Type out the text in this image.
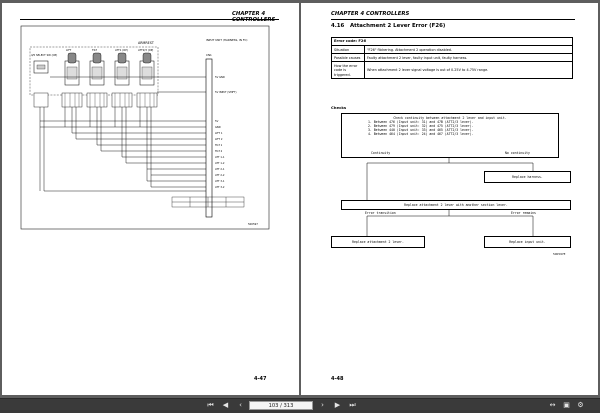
CHAPTER 4 CONTROLLERS
ARMREST
4/5 SELECT SW (OP)
LIFT	TILT	ATT1 (OP)	ATT2/3 (OP)
INPUT UNIT (HARNESS, IN FC)
CN1
5V GND
5V INPUT (SHIFT)
5V
GND
LIFT 1
LIFT 2
TILT 1
TILT 2
ATT 1-1
ATT 1-2
ATT 2-1
ATT 2-2
ATT 3-1
ATT 3-2
500597
4-47
CHAPTER 4 CONTROLLERS
4.16 Attachment 2 Lever Error (F26)
Error code: F26	
Situation	"F26" flickering. Attachment 2 operation disabled.
Possible causes	Faulty attachment 2 lever, faulty input unit, faulty harness.
How the error code is triggered.	When attachment 2 lever signal voltage is out of 0.25V to 4.75V range.
Checks
Check continuity between attachment 2 lever and input unit.
1. Between 476 (Input unit: 31) and 47B (ATT2/3 lever).
2. Between 479 (Input unit: 32) and 475 (ATT2/3 lever).
3. Between 440 (Input unit: 33) and 465 (ATT2/3 lever).
4. Between 464 (Input unit: 24) and 467 (ATT2/3 lever).
Continuity	No continuity
Replace harness.
Replace attachment 2 lever with another section lever.
Error transition	Error remains
Replace attachment 2 lever.	Replace input unit.
500597E
4-48
⏮ ◀	‹	103 / 313	›	▶ ⏭	↔ ▣ ⚙
